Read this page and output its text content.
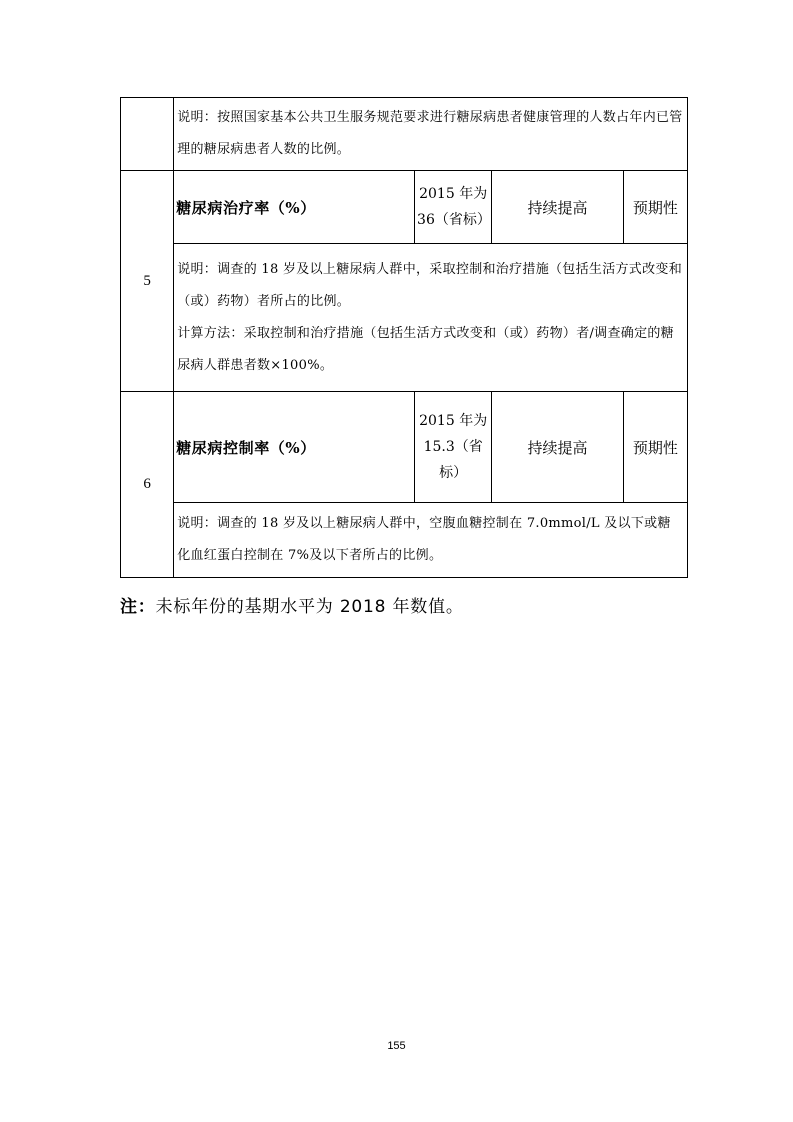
	说明：按照国家基本公共卫生服务规范要求进行糖尿病患者健康管理的人数占年内已管理的糖尿病患者人数的比例。			

5	糖尿病治疗率（%）	2015 年为 36（省标）	持续提高	预期性

	说明：调查的 18 岁及以上糖尿病人群中，采取控制和治疗措施（包括生活方式改变和（或）药物）者所占的比例。

计算方法：采取控制和治疗措施（包括生活方式改变和（或）药物）者/调查确定的糖尿病人群患者数×100%。			

6	糖尿病控制率（%）	2015 年为 15.3（省标）	持续提高	预期性

	说明：调查的 18 岁及以上糖尿病人群中，空腹血糖控制在 7.0mmol/L 及以下或糖化血红蛋白控制在 7%及以下者所占的比例。			

注：未标年份的基期水平为 2018 年数值。
155
